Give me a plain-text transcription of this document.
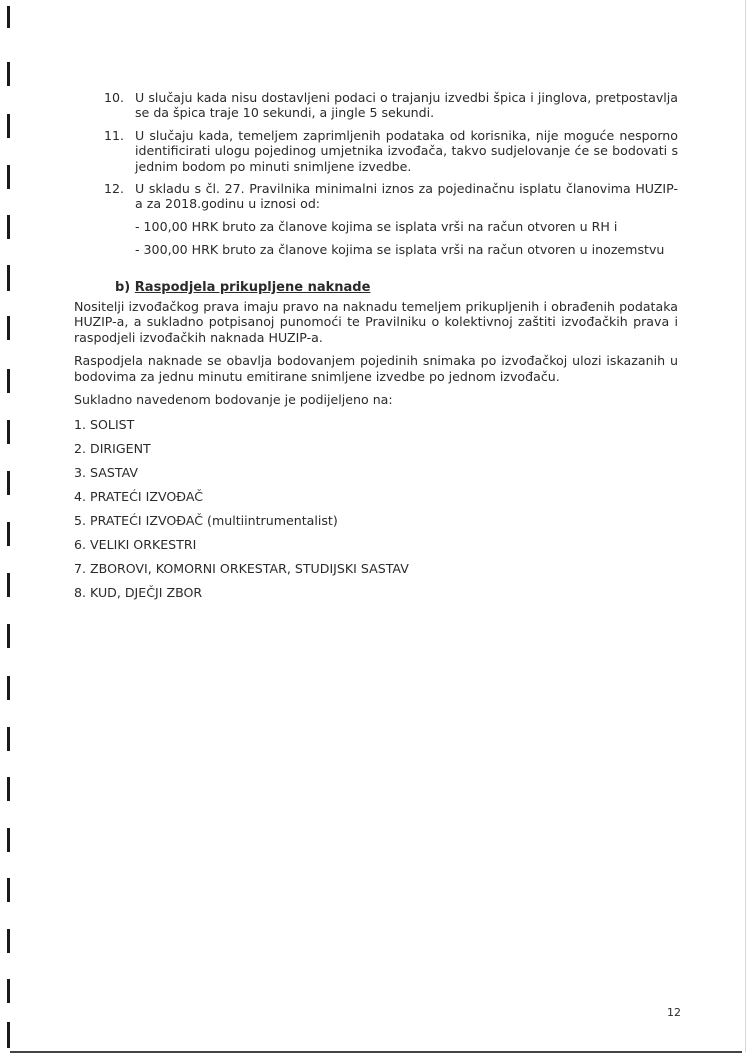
10. U slučaju kada nisu dostavljeni podaci o trajanju izvedbi špica i jinglova, pretpostavlja se da špica traje 10 sekundi, a jingle 5 sekundi.
11. U slučaju kada, temeljem zaprimljenih podataka od korisnika, nije moguće nesporno identificirati ulogu pojedinog umjetnika izvođača, takvo sudjelovanje će se bodovati s jednim bodom po minuti snimljene izvedbe.
12. U skladu s čl. 27. Pravilnika minimalni iznos za pojedinačnu isplatu članovima HUZIP-a za 2018.godinu u iznosi od:
- 100,00 HRK bruto za članove kojima se isplata vrši na račun otvoren u RH i
- 300,00 HRK bruto za članove kojima se isplata vrši na račun otvoren u inozemstvu
b) Raspodjela prikupljene naknade
Nositelji izvođačkog prava imaju pravo na naknadu temeljem prikupljenih i obrađenih podataka HUZIP-a, a sukladno potpisanoj punomoći te Pravilniku o kolektivnoj zaštiti izvođačkih prava i raspodjeli izvođačkih naknada HUZIP-a.
Raspodjela naknade se obavlja bodovanjem pojedinih snimaka po izvođačkoj ulozi iskazanih u bodovima za jednu minutu emitirane snimljene izvedbe po jednom izvođaču.
Sukladno navedenom bodovanje je podijeljeno na:
1. SOLIST
2. DIRIGENT
3. SASTAV
4. PRATEĆI IZVOĐAČ
5. PRATEĆI IZVOĐAČ (multiintrumentalist)
6. VELIKI ORKESTRI
7. ZBOROVI, KOMORNI ORKESTAR, STUDIJSKI SASTAV
8. KUD, DJEČJI ZBOR
12
